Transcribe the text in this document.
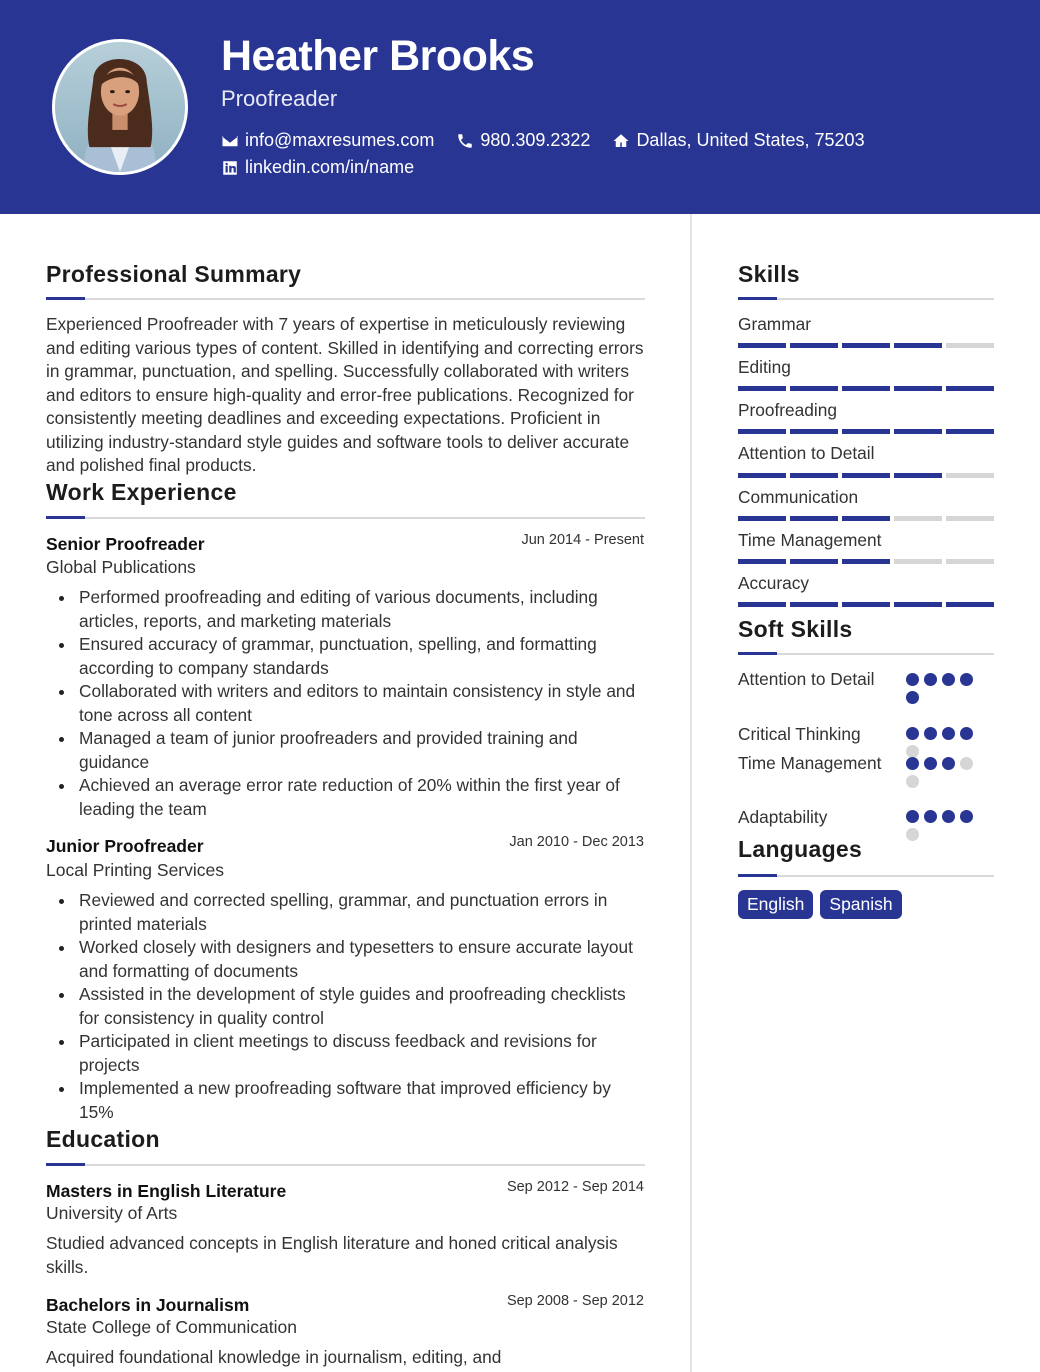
Heather Brooks
Proofreader
info@maxresumes.com	980.309.2322	Dallas, United States, 75203
linkedin.com/in/name
Professional Summary
Experienced Proofreader with 7 years of expertise in meticulously reviewing and editing various types of content. Skilled in identifying and correcting errors in grammar, punctuation, and spelling. Successfully collaborated with writers and editors to ensure high-quality and error-free publications. Recognized for consistently meeting deadlines and exceeding expectations. Proficient in utilizing industry-standard style guides and software tools to deliver accurate and polished final products.
Work Experience
Senior Proofreader	Jun 2014 - Present
Global Publications
Performed proofreading and editing of various documents, including articles, reports, and marketing materials
Ensured accuracy of grammar, punctuation, spelling, and formatting according to company standards
Collaborated with writers and editors to maintain consistency in style and tone across all content
Managed a team of junior proofreaders and provided training and guidance
Achieved an average error rate reduction of 20% within the first year of leading the team
Junior Proofreader	Jan 2010 - Dec 2013
Local Printing Services
Reviewed and corrected spelling, grammar, and punctuation errors in printed materials
Worked closely with designers and typesetters to ensure accurate layout and formatting of documents
Assisted in the development of style guides and proofreading checklists for consistency in quality control
Participated in client meetings to discuss feedback and revisions for projects
Implemented a new proofreading software that improved efficiency by 15%
Education
Masters in English Literature	Sep 2012 - Sep 2014
University of Arts
Studied advanced concepts in English literature and honed critical analysis skills.
Bachelors in Journalism	Sep 2008 - Sep 2012
State College of Communication
Acquired foundational knowledge in journalism, editing, and
Skills
Grammar
Editing
Proofreading
Attention to Detail
Communication
Time Management
Accuracy
Soft Skills
Attention to Detail
Critical Thinking
Time Management
Adaptability
Languages
English	Spanish
